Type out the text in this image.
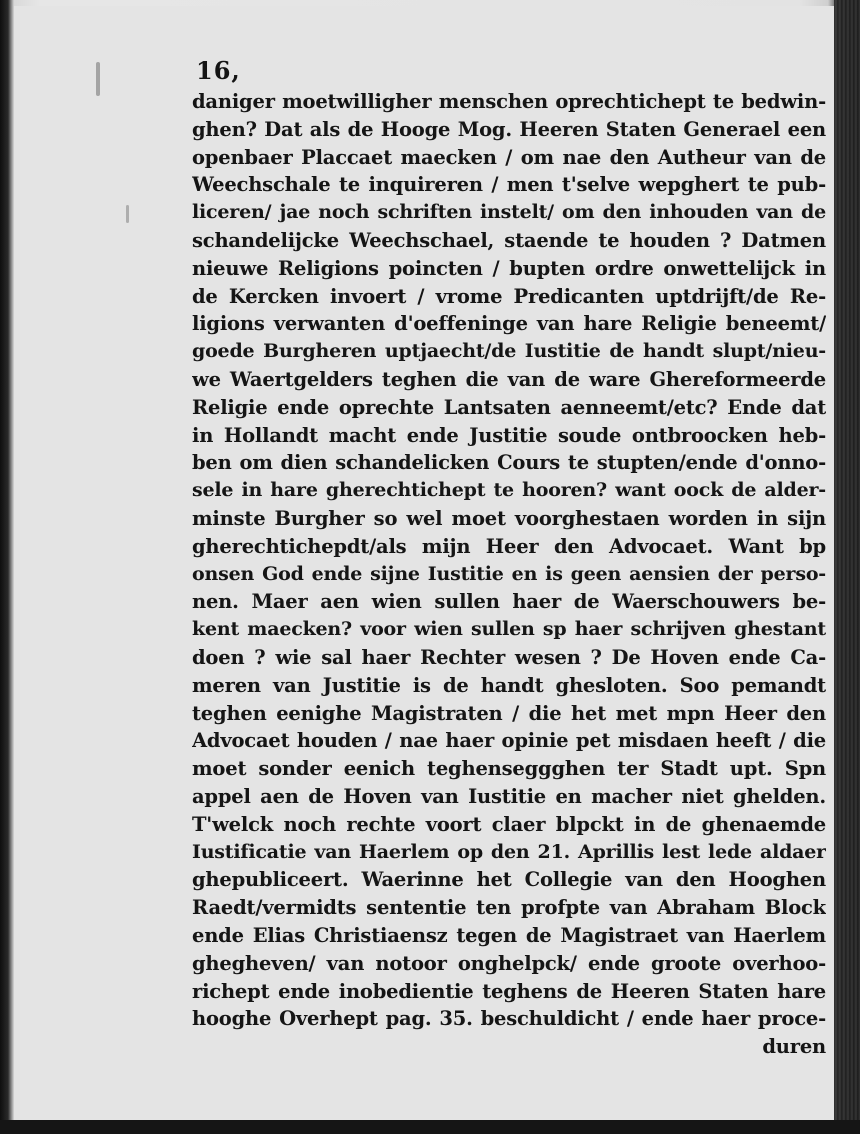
16,
daniger moetwilligher menschen oprechtichept te bedwin-
ghen? Dat als de Hooge Mog. Heeren Staten Generael een
openbaer Placcaet maecken / om nae den Autheur van de
Weechschale te inquireren / men t'selve wepghert te pub-
liceren/ jae noch schriften instelt/ om den inhouden van de
schandelijcke Weechschael, staende te houden ? Datmen
nieuwe Religions poincten / bupten ordre onwettelijck in
de Kercken invoert / vrome Predicanten uptdrijft/de Re-
ligions verwanten d'oeffeninge van hare Religie beneemt/
goede Burgheren uptjaecht/de Iustitie de handt slupt/nieu-
we Waertgelders teghen die van de ware Ghereformeerde
Religie ende oprechte Lantsaten aenneemt/etc? Ende dat
in Hollandt macht ende Justitie soude ontbroocken heb-
ben om dien schandelicken Cours te stupten/ende d'onno-
sele in hare gherechtichept te hooren? want oock de alder-
minste Burgher so wel moet voorghestaen worden in sijn
gherechtichepdt/als mijn Heer den Advocaet. Want bp
onsen God ende sijne Iustitie en is geen aensien der perso-
nen. Maer aen wien sullen haer de Waerschouwers be-
kent maecken? voor wien sullen sp haer schrijven ghestant
doen ? wie sal haer Rechter wesen ? De Hoven ende Ca-
meren van Justitie is de handt ghesloten. Soo pemandt
teghen eenighe Magistraten / die het met mpn Heer den
Advocaet houden / nae haer opinie pet misdaen heeft / die
moet sonder eenich teghenseggghen ter Stadt upt. Spn
appel aen de Hoven van Iustitie en macher niet ghelden.
T'welck noch rechte voort claer blpckt in de ghenaemde
Iustificatie van Haerlem op den 21. Aprillis lest lede aldaer
ghepubliceert. Waerinne het Collegie van den Hooghen
Raedt/vermidts sententie ten profpte van Abraham Block
ende Elias Christiaensz tegen de Magistraet van Haerlem
ghegheven/ van notoor onghelpck/ ende groote overhoo-
richept ende inobedientie teghens de Heeren Staten hare
hooghe Overhept pag. 35. beschuldicht / ende haer proce-
duren
